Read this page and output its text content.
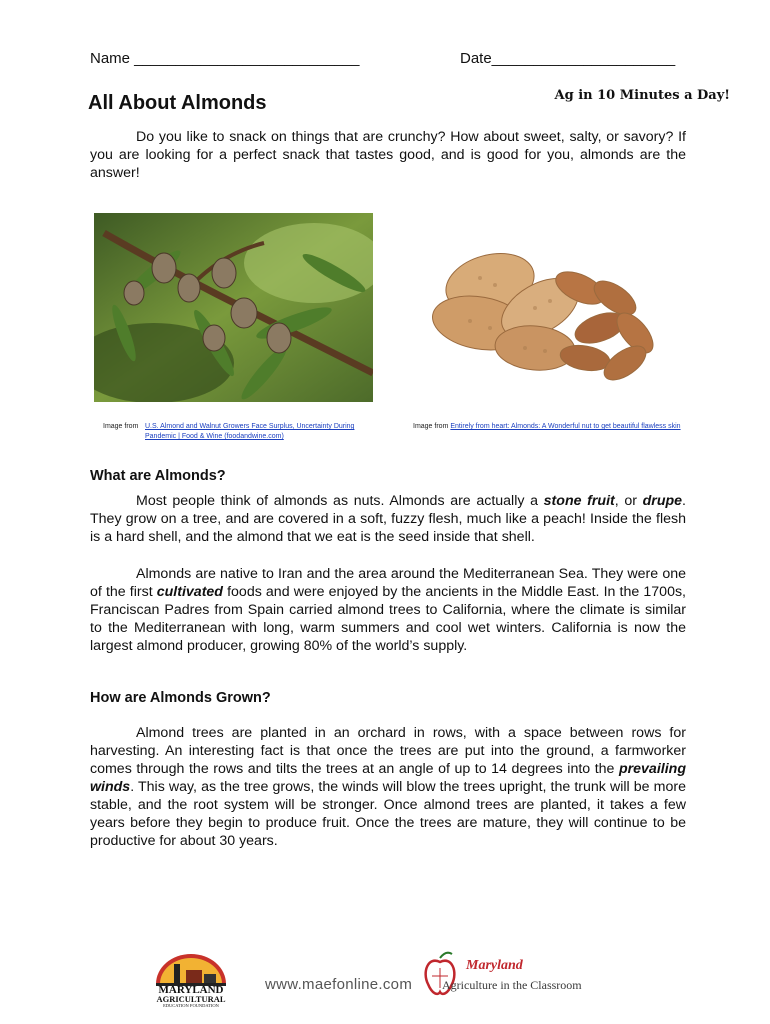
Name ___________________________	Date______________________
All About Almonds	Ag in 10 Minutes a Day!

Do you like to snack on things that are crunchy? How about sweet, salty, or savory? If you are looking for a perfect snack that tastes good, and is good for you, almonds are the answer!

Image from U.S. Almond and Walnut Growers Face Surplus, Uncertainty During Pandemic | Food & Wine (foodandwine.com)
Image from Entirely from heart: Almonds: A Wonderful nut to get beautiful flawless skin
What are Almonds?

Most people think of almonds as nuts. Almonds are actually a stone fruit, or drupe. They grow on a tree, and are covered in a soft, fuzzy flesh, much like a peach! Inside the flesh is a hard shell, and the almond that we eat is the seed inside that shell.

Almonds are native to Iran and the area around the Mediterranean Sea. They were one of the first cultivated foods and were enjoyed by the ancients in the Middle East. In the 1700s, Franciscan Padres from Spain carried almond trees to California, where the climate is similar to the Mediterranean with long, warm summers and cool wet winters. California is now the largest almond producer, growing 80% of the world’s supply.

How are Almonds Grown?

Almond trees are planted in an orchard in rows, with a space between rows for harvesting. An interesting fact is that once the trees are put into the ground, a farmworker comes through the rows and tilts the trees at an angle of up to 14 degrees into the prevailing winds. This way, as the tree grows, the winds will blow the trees upright, the trunk will be more stable, and the root system will be stronger. Once almond trees are planted, it takes a few years before they begin to produce fruit. Once the trees are mature, they will continue to be productive for about 30 years.

MARYLAND
AGRICULTURAL
EDUCATION FOUNDATION
www.maefonline.com
Maryland
Agriculture in the Classroom
